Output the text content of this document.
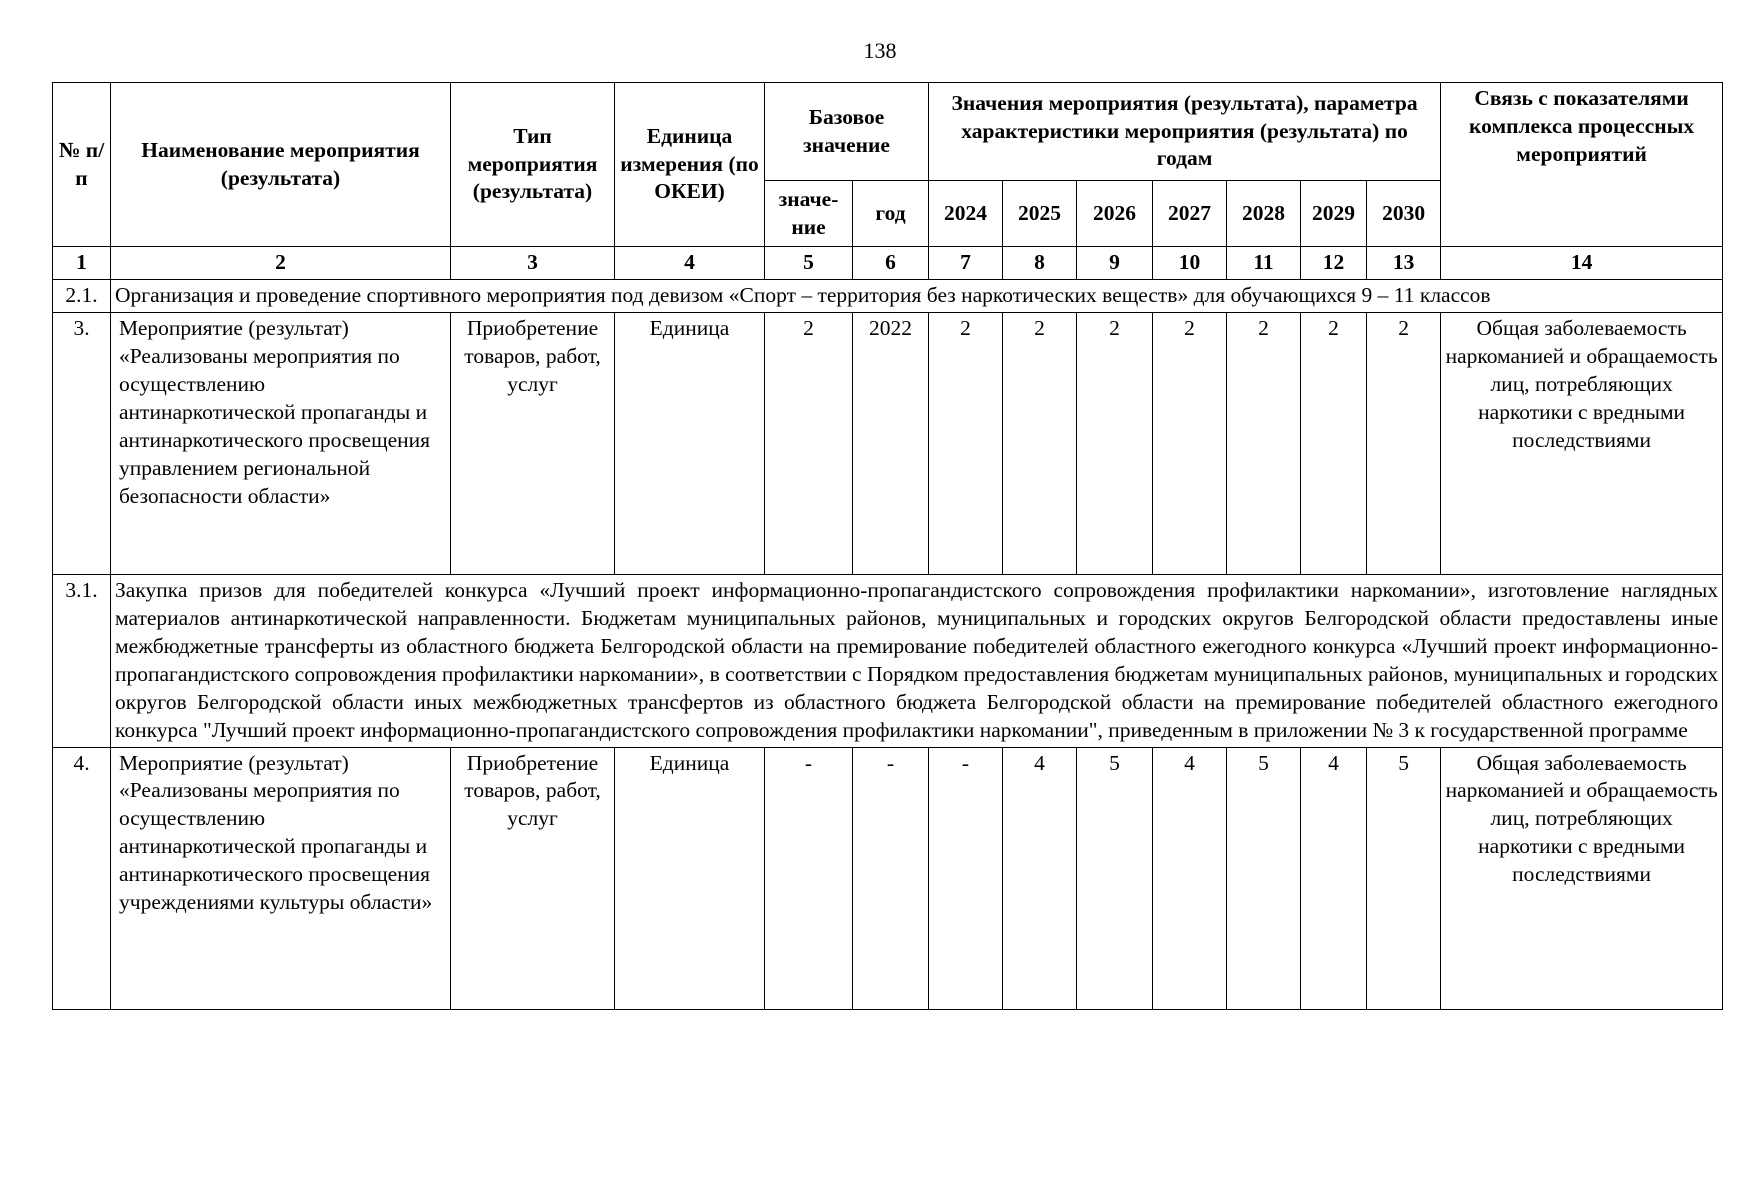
138
№ п/п	Наименование мероприятия (результата)	Тип мероприятия (результата)	Единица измерения (по ОКЕИ)	Базовое значение		Значения мероприятия (результата), параметра характеристики мероприятия (результата) по годам							Связь с показателями комплекса процессных мероприятий
				значе-ние	год	2024	2025	2026	2027	2028	2029	2030	
1	2	3	4	5	6	7	8	9	10	11	12	13	14
2.1.	Организация и проведение спортивного мероприятия под девизом «Спорт – территория без наркотических веществ» для обучающихся 9 – 11 классов												
3.	Мероприятие (результат) «Реализованы мероприятия по осуществлению антинаркотической пропаганды и антинаркотического просвещения управлением региональной безопасности области»	Приобретение товаров, работ, услуг	Единица	2	2022	2	2	2	2	2	2	2	Общая заболеваемость наркоманией и обращаемость лиц, потребляющих наркотики с вредными последствиями
3.1.	Закупка призов для победителей конкурса «Лучший проект информационно-пропагандистского сопровождения профилактики наркомании», изготовление наглядных материалов антинаркотической направленности. Бюджетам муниципальных районов, муниципальных и городских округов Белгородской области предоставлены иные межбюджетные трансферты из областного бюджета Белгородской области на премирование победителей областного ежегодного конкурса «Лучший проект информационно-пропагандистского сопровождения профилактики наркомании», в соответствии с Порядком предоставления бюджетам муниципальных районов, муниципальных и городских округов Белгородской области иных межбюджетных трансфертов из областного бюджета Белгородской области на премирование победителей областного ежегодного конкурса "Лучший проект информационно-пропагандистского сопровождения профилактики наркомании", приведенным в приложении № 3 к государственной программе												
4.	Мероприятие (результат) «Реализованы мероприятия по осуществлению антинаркотической пропаганды и антинаркотического просвещения учреждениями культуры области»	Приобретение товаров, работ, услуг	Единица	-	-	-	4	5	4	5	4	5	Общая заболеваемость наркоманией и обращаемость лиц, потребляющих наркотики с вредными последствиями
